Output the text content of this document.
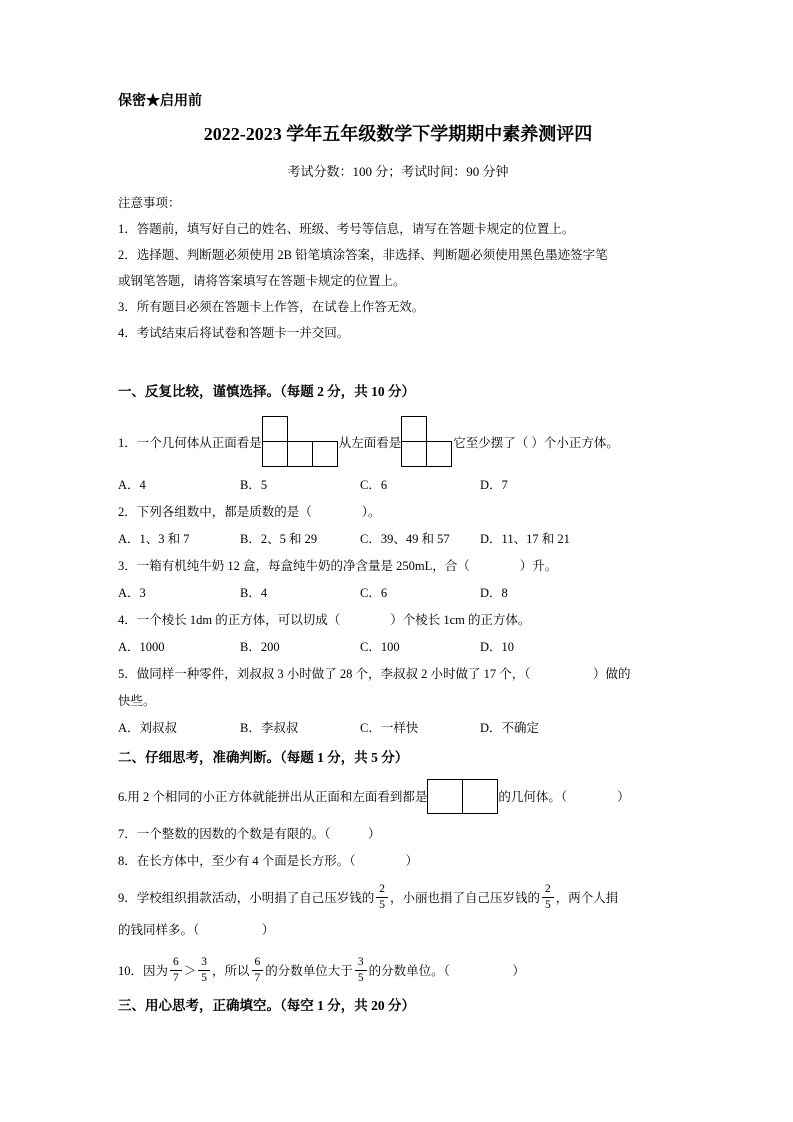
保密★启用前

2022-2023 学年五年级数学下学期期中素养测评四

考试分数：100 分；考试时间：90 分钟

注意事项：

1．答题前，填写好自己的姓名、班级、考号等信息，请写在答题卡规定的位置上。

2．选择题、判断题必须使用 2B 铅笔填涂答案，非选择、判断题必须使用黑色墨迹签字笔

或钢笔答题，请将答案填写在答题卡规定的位置上。

3．所有题目必须在答题卡上作答，在试卷上作答无效。

4．考试结束后将试卷和答题卡一并交回。

一、反复比较，谨慎选择。（每题 2 分，共 10 分）
1．一个几何体从正面看是	从左面看是	它至少摆了（ ）个小正方体。
A．4	B．5	C．6	D．7

2．下列各组数中，都是质数的是（　　　　）。

A．1、3 和 7	B．2、5 和 29	C．39、49 和 57	D．11、17 和 21

3．一箱有机纯牛奶 12 盒，每盒纯牛奶的净含量是 250mL，合（　　　　）升。

A．3	B．4	C．6	D．8

4．一个棱长 1dm 的正方体，可以切成（　　　　）个棱长 1cm 的正方体。

A．1000	B．200	C．100	D．10

5．做同样一种零件，刘叔叔 3 小时做了 28 个，李叔叔 2 小时做了 17 个，（　　　　　）做的

快些。

A．刘叔叔	B．李叔叔	C．一样快	D．不确定
二、仔细思考，准确判断。（每题 1 分，共 5 分）
6.用 2 个相同的小正方体就能拼出从正面和左面看到都是	的几何体。（　　　　）

7．一个整数的因数的个数是有限的。（　　　）

8．在长方体中，至少有 4 个面是长方形。（　　　　）

9．学校组织捐款活动，小明捐了自己压岁钱的 $\frac{2}{5}$ ，小丽也捐了自己压岁钱的 $\frac{2}{5}$ ，两个人捐

的钱同样多。（　　　　　）

10．因为 $\frac{6}{7} > \frac{3}{5}$ ，所以 $\frac{6}{7}$ 的分数单位大于 $\frac{3}{5}$ 的分数单位。（　　　　　）
三、用心思考，正确填空。（每空 1 分，共 20 分）
